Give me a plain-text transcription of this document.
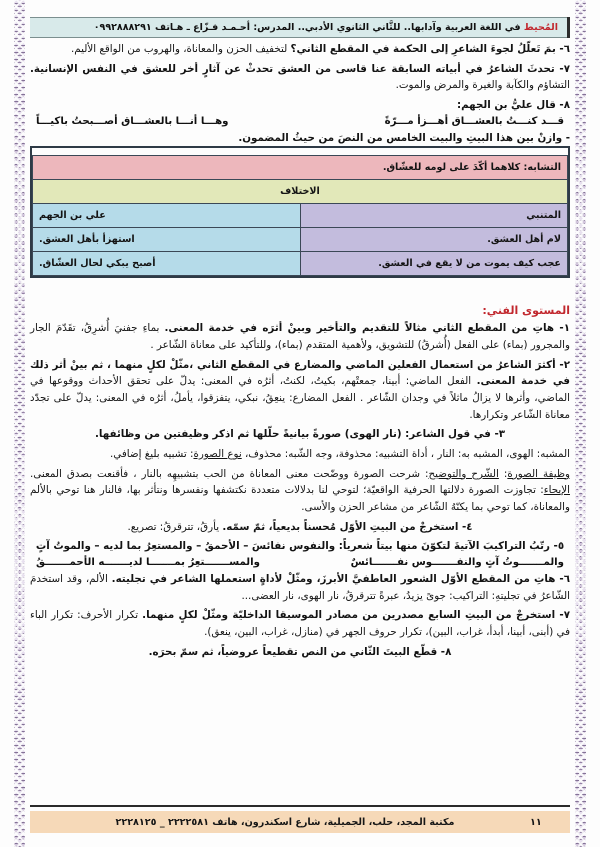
المُحيط في اللغة العربية وآدابها.. للثَّاني الثانوي الأدبي.. المدرس: أحـمـد فـزّاع ـ هـاتف ٠٩٩٢٨٨٨٢٩١
٦- بمَ تَعلّلُ لجوءَ الشاعرِ إلى الحكمة في المقطع الثاني؟ لتخفيف الحزن والمعاناة، والهروب من الواقع الأليم.
٧- تحدثَ الشاعرُ في أبياته السابقة عنا قاسى من العشق تحدثْ عن آثارٍ أخر للعشق في النفس الإنسانية. التشاؤم والكآبة والغيرة والمرض والموت.
٨- قال عليُّ بن الجهم:
قـــد كنـــتُ بالعشـــاق أهـــزأ مـــرّةً
وهـــا أنـــا بالعشـــاق أصـــبحتُ باكيـــاً
- وازنْ بين هذا البيتِ والبيت الخامس من النصَ من حيثُ المضمون.
التشابه: كلاهما أكّدَ على لومه للعشّاق.	
الاختلاف	
المتنبي	علي بن الجهم
لام أهل العشق.	استهزأ بأهل العشق.
عجب كيف يموت من لا يقع في العشق.	أصبح يبكي لحال العشّاق.
المستوى الفني:
١- هاتِ من المقطع الثاني مثالاً للتقديم والتأخير وبينْ أثرَه في خدمة المعنى. بماءِ جفنيَ أُشرِقُ، تقَدّمَ الجار والمجرور (بماء) على الفعل (أُشرقُ) للتشويق، ولأهمية المتقدم (بماء)، وللتأكيد على معاناة الشّاعر .
٢- أكثرَ الشاعرُ من استعمال الفعلين الماضي والمضارع في المقطع الثاني ،مثّلْ لكلٍ منهما ، ثم بينْ أثر ذلك في خدمة المعنى. الفعل الماضي: أبينا، جمعتْهم، بكيتُ، لكنتُ، أثرُه في المعنى: يدلّ على تحقق الأحداث ووقوعها في الماضي، وأثرها لا يزالُ ماثلاً في وجدان الشّاعر . الفعل المضارع: ينعِقُ، نبكي، يتفزقوا، يأملُ، أثرُه في المعنى: يدلّ على تجدّد معاناة الشّاعر وتكرارها.
٣- في قول الشاعر: (نار الهوى) صورةً بيانيةً حلّلها ثم اذكر وظيفتين من وظائفها.
المشبه: الهوى، المشبه به: النار ، أداة التشبيه: محذوفة، وجه الشّبه: محذوف، نوع الصورة: تشبيه بليغ إضافي.
وظيفة الصورة: الشّرح والتوضيح: شرحت الصورة ووضّحت معنى المعاناة من الحب بتشبيهِه بالنار ، فأقنعت بصدق المعنى. الإيحاء: تجاوزت الصورة دلالتها الحرفية الواقعيّة؛ لتوحي لنا بدلالات متعددة نكتشفها ونفسرها ونتأثر بها، فالنار هنا توحي بالألم والمعاناة، كما توحي بما يكنّهُ الشّاعر من مشاعر الحزن والأسى.
٤- استخرجْ من البيتِ الأوّل مُحسناً بديعياً، ثمّ سمّه. يأرقُ، تترقرقُ: تصريع.
٥- رتّبُ التراكيبَ الآتيةَ لتكوّنَ منها بيتاً شعرياً: والنفوس نفائسَ – الأحمقُ – والمستعِرُ بما لديه – والموتُ آتٍ
والمـــــــوتُ آتٍ والنفـــــــوس نفـــــــائسٌ
والمســـــــتعِرُ بمـــــــا لديـــــــه الأحمـــــــقُ
٦- هاتِ من المقطع الأوّل الشعور العاطفيَّ الأبرزَ، ومثّلْ لأداةٍ استعملها الشاعر في تجليته. الألم، وقد استخدمَ الشّاعرُ في تجليتهِ: التراكيب: جوىً يزيدُ، عبرةً تترقرقُ، نار الهوى، نار العضى...
٧- استخرجْ من البيتِ السابع مصدرين من مصادر الموسيقا الداخليّة ومثّلْ لكلٍ منهما. تكرار الأحرف: تكرار الباء في (أبنى، أبينا، أبدأ، غراب، البين)، تكرار حروف الجهر في (منازل، غراب، البين، ينعق).
٨- قطّع البيتَ الثّاني من النص تقطيعاً عروضياً، ثم سمّ بحرَه.
١١
مكتبة المجد، حلب، الجميلية، شارع اسكندرون، هاتف ٢٢٢٢٥٨١ _ ٢٢٢٨١٢٥
